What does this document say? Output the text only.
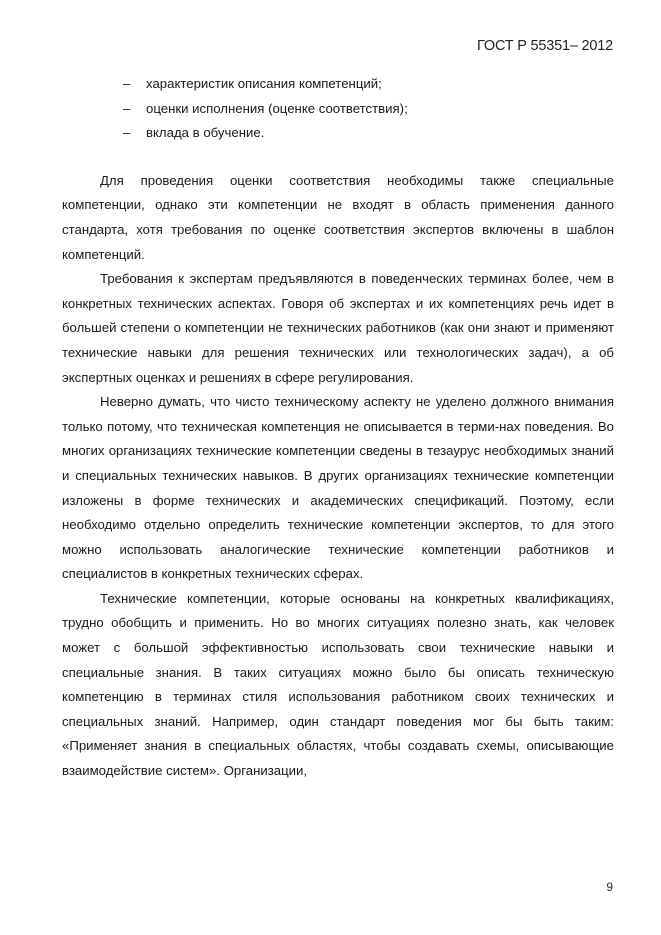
ГОСТ Р 55351– 2012
– характеристик описания компетенций;
– оценки исполнения (оценке соответствия);
– вклада в обучение.

Для проведения оценки соответствия необходимы также специальные компетенции, однако эти компетенции не входят в область применения данного стандарта, хотя требования по оценке соответствия экспертов включены в шаблон компетенций.

Требования к экспертам предъявляются в поведенческих терминах более, чем в конкретных технических аспектах. Говоря об экспертах и их компетенциях речь идет в большей степени о компетенции не технических работников (как они знают и применяют технические навыки для решения технических или технологических задач), а об экспертных оценках и решениях в сфере регулирования.

Неверно думать, что чисто техническому аспекту не уделено должного внимания только потому, что техническая компетенция не описывается в терми-нах поведения. Во многих организациях технические компетенции сведены в тезаурус необходимых знаний и специальных технических навыков. В других организациях технические компетенции изложены в форме технических и академических спецификаций. Поэтому, если необходимо отдельно определить технические компетенции экспертов, то для этого можно использовать аналогические технические компетенции работников и специалистов в конкретных технических сферах.

Технические компетенции, которые основаны на конкретных квалификациях, трудно обобщить и применить. Но во многих ситуациях полезно знать, как человек может с большой эффективностью использовать свои технические навыки и специальные знания. В таких ситуациях можно было бы описать техническую компетенцию в терминах стиля использования работником своих технических и специальных знаний. Например, один стандарт поведения мог бы быть таким: «Применяет знания в специальных областях, чтобы создавать схемы, описывающие взаимодействие систем». Организации,

9
